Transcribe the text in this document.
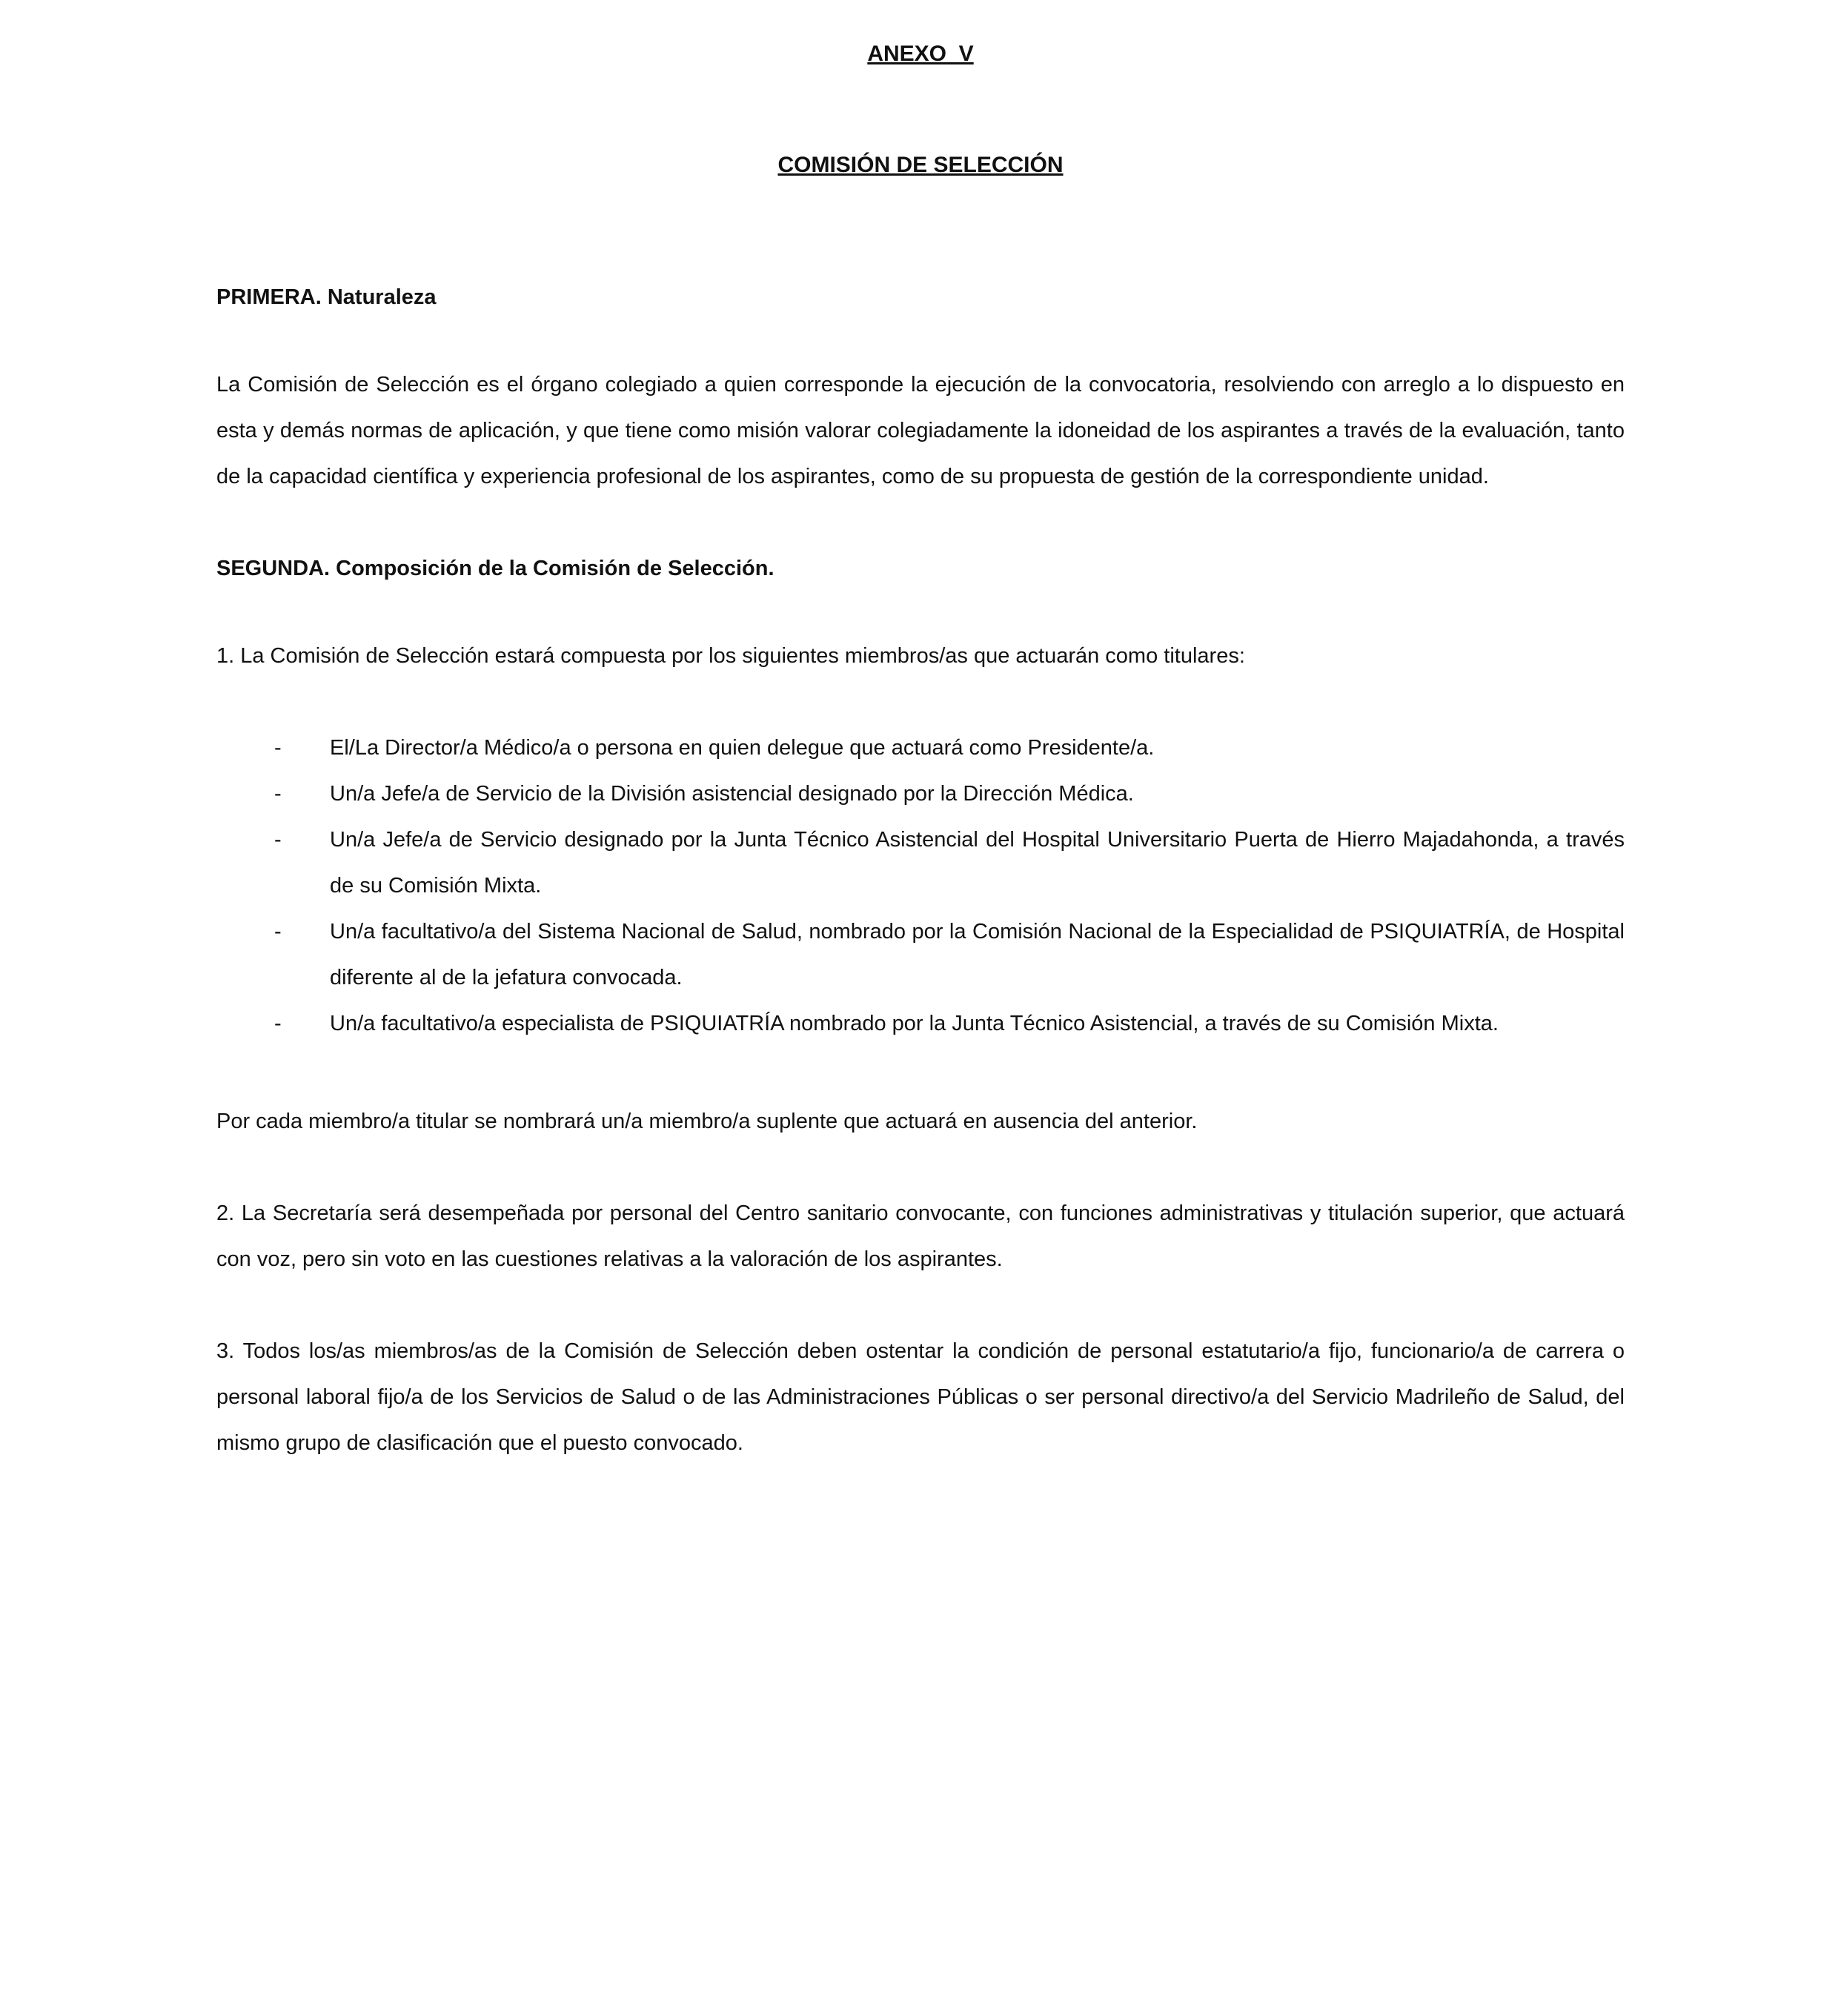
ANEXO  V
COMISIÓN DE SELECCIÓN
PRIMERA. Naturaleza

La Comisión de Selección es el órgano colegiado a quien corresponde la ejecución de la convocatoria, resolviendo con arreglo a lo dispuesto en esta y demás normas de aplicación, y que tiene como misión valorar colegiadamente la idoneidad de los aspirantes a través de la evaluación, tanto de la capacidad científica y experiencia profesional de los aspirantes, como de su propuesta de gestión de la correspondiente unidad.

SEGUNDA. Composición de la Comisión de Selección.

1. La Comisión de Selección estará compuesta por los siguientes miembros/as que actuarán como titulares:

-	El/La Director/a Médico/a o persona en quien delegue que actuará como Presidente/a.
-	Un/a Jefe/a de Servicio de la División asistencial designado por la Dirección Médica.
-	Un/a Jefe/a de Servicio designado por la Junta Técnico Asistencial del Hospital Universitario Puerta de Hierro Majadahonda, a través de su Comisión Mixta.
-	Un/a facultativo/a del Sistema Nacional de Salud, nombrado por la Comisión Nacional de la Especialidad de PSIQUIATRÍA, de Hospital diferente al de la jefatura convocada.
-	Un/a facultativo/a especialista de PSIQUIATRÍA nombrado por la Junta Técnico Asistencial, a través de su Comisión Mixta.

Por cada miembro/a titular se nombrará un/a miembro/a suplente que actuará en ausencia del anterior.

2. La Secretaría será desempeñada por personal del Centro sanitario convocante, con funciones administrativas y titulación superior, que actuará con voz, pero sin voto en las cuestiones relativas a la valoración de los aspirantes.

3. Todos los/as miembros/as de la Comisión de Selección deben ostentar la condición de personal estatutario/a fijo, funcionario/a de carrera o personal laboral fijo/a de los Servicios de Salud o de las Administraciones Públicas o ser personal directivo/a del Servicio Madrileño de Salud, del mismo grupo de clasificación que el puesto convocado.
